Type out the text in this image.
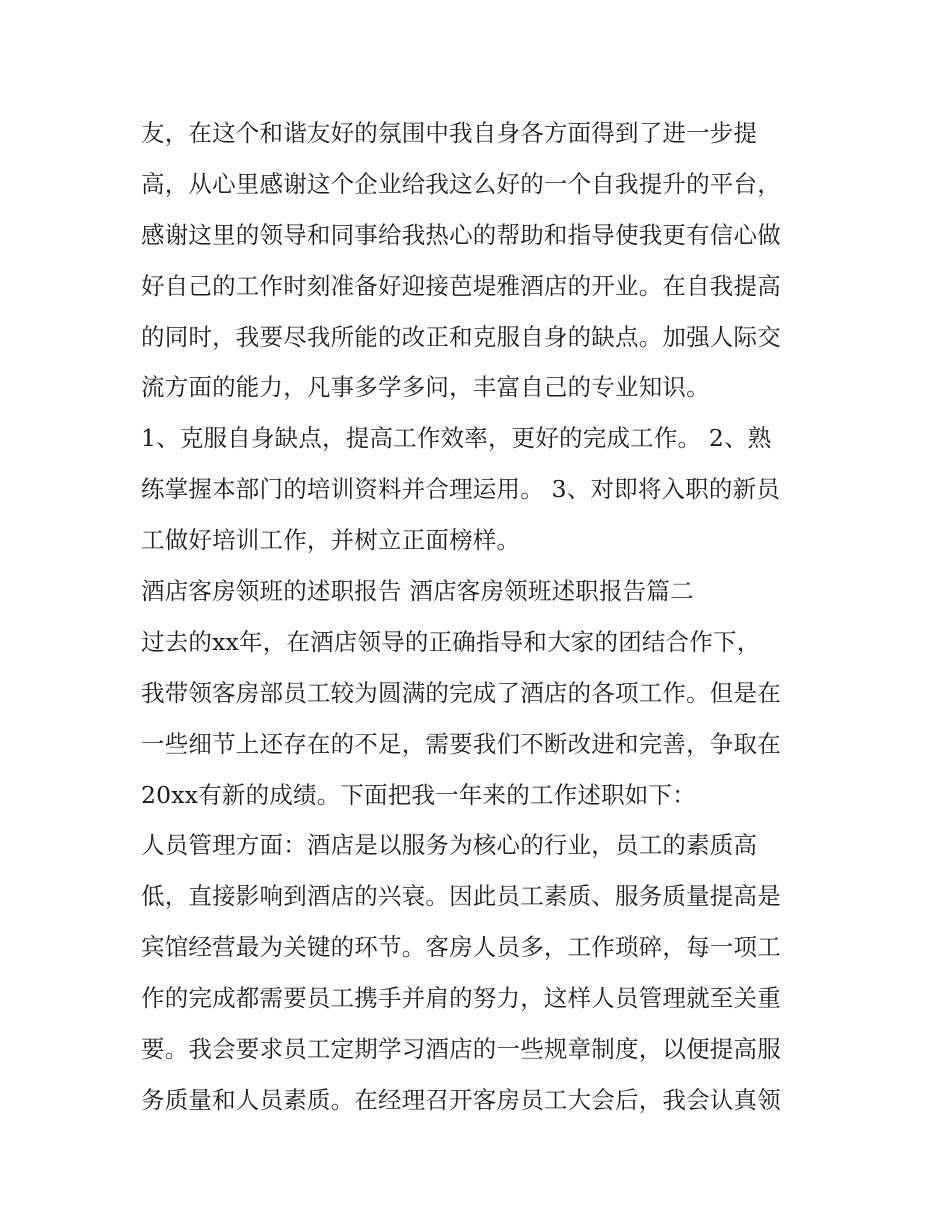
友，在这个和谐友好的氛围中我自身各方面得到了进一步提
高，从心里感谢这个企业给我这么好的一个自我提升的平台，
感谢这里的领导和同事给我热心的帮助和指导使我更有信心做
好自己的工作时刻准备好迎接芭堤雅酒店的开业。在自我提高
的同时，我要尽我所能的改正和克服自身的缺点。加强人际交
流方面的能力，凡事多学多问，丰富自己的专业知识。
1、克服自身缺点，提高工作效率，更好的完成工作。 2、熟
练掌握本部门的培训资料并合理运用。 3、对即将入职的新员
工做好培训工作，并树立正面榜样。
酒店客房领班的述职报告 酒店客房领班述职报告篇二
过去的xx年，在酒店领导的正确指导和大家的团结合作下，
我带领客房部员工较为圆满的完成了酒店的各项工作。但是在
一些细节上还存在的不足，需要我们不断改进和完善，争取在
20xx有新的成绩。下面把我一年来的工作述职如下：
人员管理方面：酒店是以服务为核心的行业，员工的素质高
低，直接影响到酒店的兴衰。因此员工素质、服务质量提高是
宾馆经营最为关键的环节。客房人员多，工作琐碎，每一项工
作的完成都需要员工携手并肩的努力，这样人员管理就至关重
要。我会要求员工定期学习酒店的一些规章制度，以便提高服
务质量和人员素质。在经理召开客房员工大会后，我会认真领
